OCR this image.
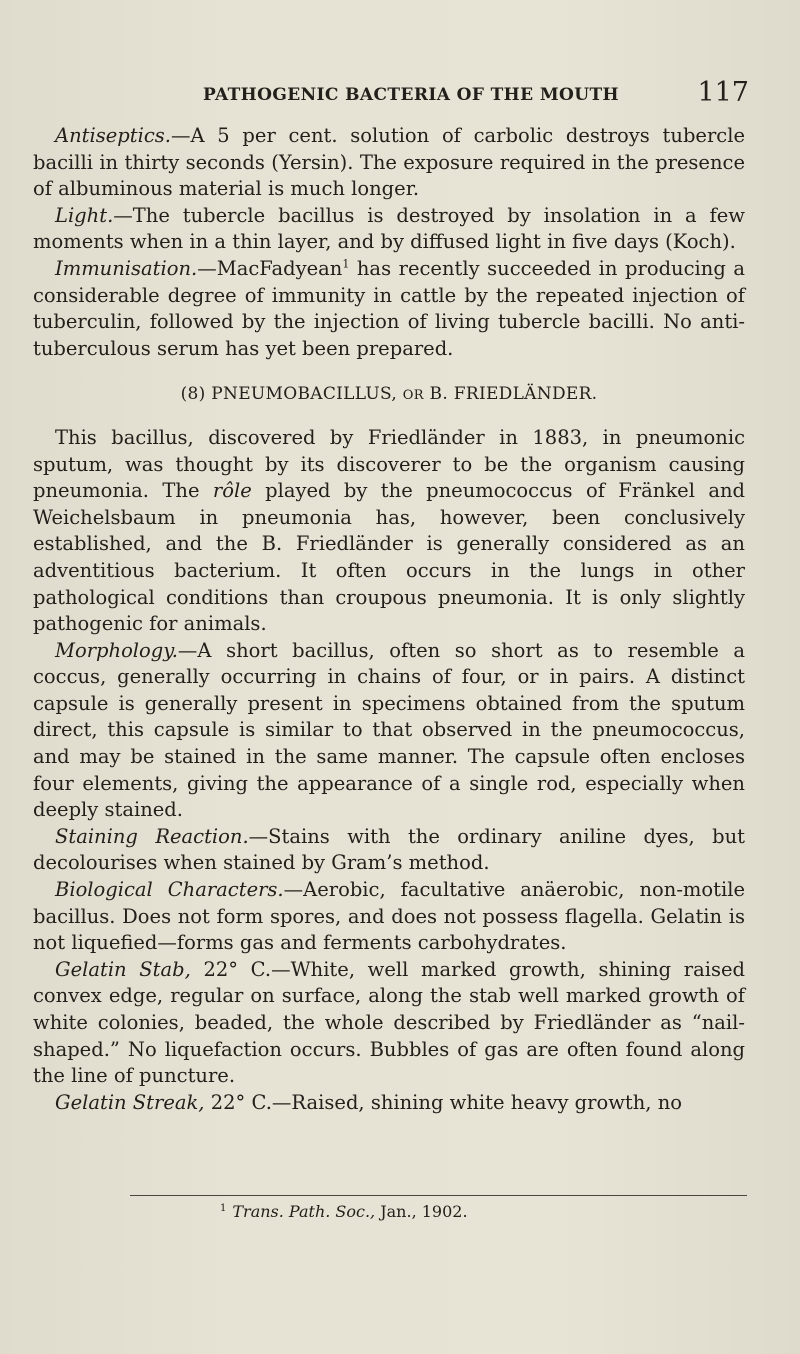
PATHOGENIC BACTERIA OF THE MOUTH	117

Antiseptics.—A 5 per cent. solution of carbolic destroys tubercle bacilli in thirty seconds (Yersin). The exposure required in the presence of albuminous material is much longer.

Light.—The tubercle bacillus is destroyed by insolation in a few moments when in a thin layer, and by diffused light in five days (Koch).

Immunisation.—MacFadyean$^1$ has recently succeeded in producing a considerable degree of immunity in cattle by the repeated injection of tuberculin, followed by the injection of living tubercle bacilli. No anti-tuberculous serum has yet been prepared.

(8) PNEUMOBACILLUS, OR B. FRIEDLÄNDER.

This bacillus, discovered by Friedländer in 1883, in pneumonic sputum, was thought by its discoverer to be the organism causing pneumonia. The rôle played by the pneumococcus of Fränkel and Weichelsbaum in pneumonia has, however, been conclusively established, and the B. Friedländer is generally considered as an adventitious bacterium. It often occurs in the lungs in other pathological conditions than croupous pneumonia. It is only slightly pathogenic for animals.

Morphology.—A short bacillus, often so short as to resemble a coccus, generally occurring in chains of four, or in pairs. A distinct capsule is generally present in specimens obtained from the sputum direct, this capsule is similar to that observed in the pneumococcus, and may be stained in the same manner. The capsule often encloses four elements, giving the appearance of a single rod, especially when deeply stained.

Staining Reaction.—Stains with the ordinary aniline dyes, but decolourises when stained by Gram’s method.

Biological Characters.—Aerobic, facultative anäerobic, non-motile bacillus. Does not form spores, and does not possess flagella. Gelatin is not liquefied—forms gas and ferments carbohydrates.

Gelatin Stab, 22° C.—White, well marked growth, shining raised convex edge, regular on surface, along the stab well marked growth of white colonies, beaded, the whole described by Friedländer as “nail-shaped.” No liquefaction occurs. Bubbles of gas are often found along the line of puncture.

Gelatin Streak, 22° C.—Raised, shining white heavy growth, no

$^1$ Trans. Path. Soc., Jan., 1902.
